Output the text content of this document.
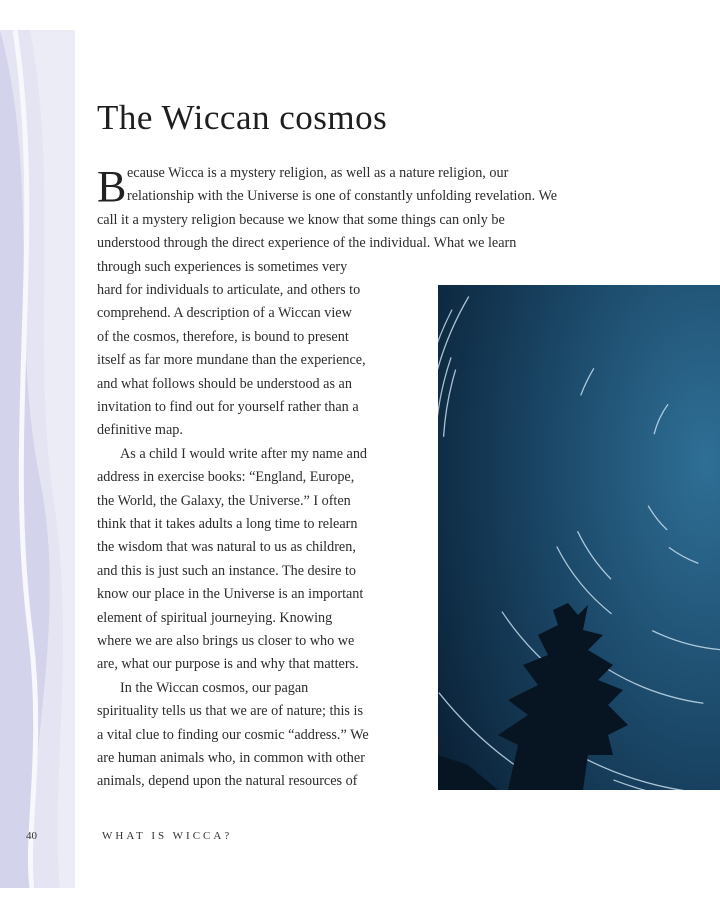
The Wiccan cosmos
B ecause Wicca is a mystery religion, as well as a nature religion, our
relationship with the Universe is one of constantly unfolding revelation. We
call it a mystery religion because we know that some things can only be
understood through the direct experience of the individual. What we learn
through such experiences is sometimes very
hard for individuals to articulate, and others to
comprehend. A description of a Wiccan view
of the cosmos, therefore, is bound to present
itself as far more mundane than the experience,
and what follows should be understood as an
invitation to find out for yourself rather than a
definitive map.
As a child I would write after my name and
address in exercise books: “England, Europe,
the World, the Galaxy, the Universe.” I often
think that it takes adults a long time to relearn
the wisdom that was natural to us as children,
and this is just such an instance. The desire to
know our place in the Universe is an important
element of spiritual journeying. Knowing
where we are also brings us closer to who we
are, what our purpose is and why that matters.
In the Wiccan cosmos, our pagan
spirituality tells us that we are of nature; this is
a vital clue to finding our cosmic “address.” We
are human animals who, in common with other
animals, depend upon the natural resources of
40	WHAT IS WICCA?
